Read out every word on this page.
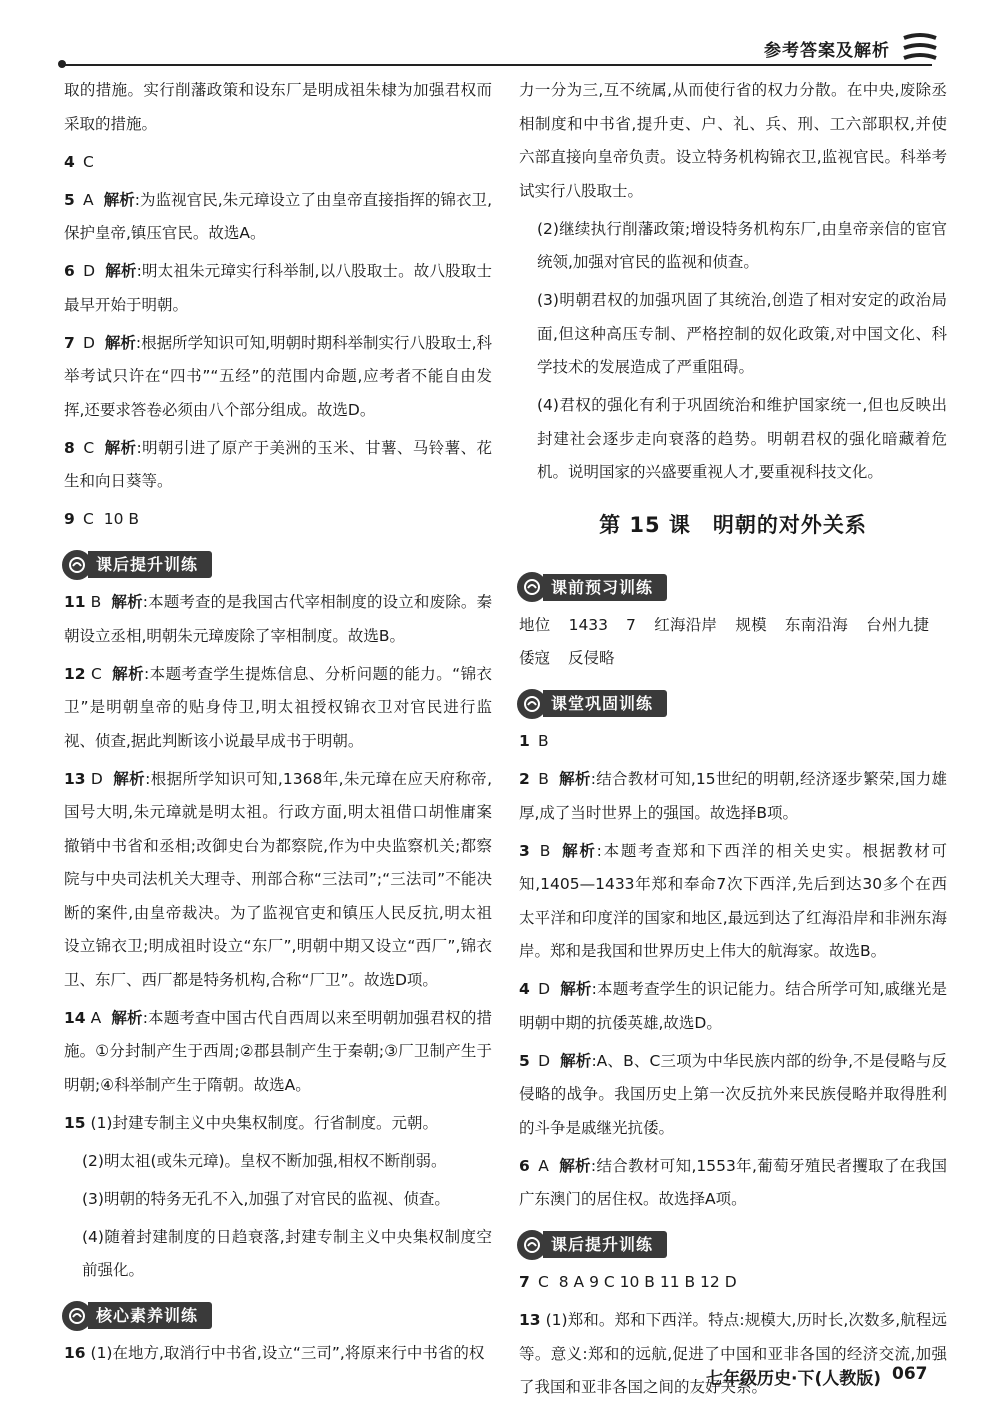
参考答案及解析
取的措施。实行削藩政策和设东厂是明成祖朱棣为加强君权而采取的措施。
4 C
5 A 解析:为监视官民,朱元璋设立了由皇帝直接指挥的锦衣卫,保护皇帝,镇压官民。故选A。
6 D 解析:明太祖朱元璋实行科举制,以八股取士。故八股取士最早开始于明朝。
7 D 解析:根据所学知识可知,明朝时期科举制实行八股取士,科举考试只许在“四书”“五经”的范围内命题,应考者不能自由发挥,还要求答卷必须由八个部分组成。故选D。
8 C 解析:明朝引进了原产于美洲的玉米、甘薯、马铃薯、花生和向日葵等。
9 C 10 B
课后提升训练
11 B 解析:本题考查的是我国古代宰相制度的设立和废除。秦朝设立丞相,明朝朱元璋废除了宰相制度。故选B。
12 C 解析:本题考查学生提炼信息、分析问题的能力。“锦衣卫”是明朝皇帝的贴身侍卫,明太祖授权锦衣卫对官民进行监视、侦查,据此判断该小说最早成书于明朝。
13 D 解析:根据所学知识可知,1368年,朱元璋在应天府称帝,国号大明,朱元璋就是明太祖。行政方面,明太祖借口胡惟庸案撤销中书省和丞相;改御史台为都察院,作为中央监察机关;都察院与中央司法机关大理寺、刑部合称“三法司”;“三法司”不能决断的案件,由皇帝裁决。为了监视官吏和镇压人民反抗,明太祖设立锦衣卫;明成祖时设立“东厂”,明朝中期又设立“西厂”,锦衣卫、东厂、西厂都是特务机构,合称“厂卫”。故选D项。
14 A 解析:本题考查中国古代自西周以来至明朝加强君权的措施。①分封制产生于西周;②郡县制产生于秦朝;③厂卫制产生于明朝;④科举制产生于隋朝。故选A。
15 (1)封建专制主义中央集权制度。行省制度。元朝。
(2)明太祖(或朱元璋)。皇权不断加强,相权不断削弱。
(3)明朝的特务无孔不入,加强了对官民的监视、侦查。
(4)随着封建制度的日趋衰落,封建专制主义中央集权制度空前强化。
核心素养训练
16 (1)在地方,取消行中书省,设立“三司”,将原来行中书省的权
力一分为三,互不统属,从而使行省的权力分散。在中央,废除丞相制度和中书省,提升吏、户、礼、兵、刑、工六部职权,并使六部直接向皇帝负责。设立特务机构锦衣卫,监视官民。科举考试实行八股取士。
(2)继续执行削藩政策;增设特务机构东厂,由皇帝亲信的宦官统领,加强对官民的监视和侦查。
(3)明朝君权的加强巩固了其统治,创造了相对安定的政治局面,但这种高压专制、严格控制的奴化政策,对中国文化、科学技术的发展造成了严重阻碍。
(4)君权的强化有利于巩固统治和维护国家统一,但也反映出封建社会逐步走向衰落的趋势。明朝君权的强化暗藏着危机。说明国家的兴盛要重视人才,要重视科技文化。
第 15 课 明朝的对外关系
课前预习训练
地位 1433 7 红海沿岸 规模 东南沿海 台州九捷倭寇 反侵略
课堂巩固训练
1 B
2 B 解析:结合教材可知,15世纪的明朝,经济逐步繁荣,国力雄厚,成了当时世界上的强国。故选择B项。
3 B 解析:本题考查郑和下西洋的相关史实。根据教材可知,1405—1433年郑和奉命7次下西洋,先后到达30多个在西太平洋和印度洋的国家和地区,最远到达了红海沿岸和非洲东海岸。郑和是我国和世界历史上伟大的航海家。故选B。
4 D 解析:本题考查学生的识记能力。结合所学可知,戚继光是明朝中期的抗倭英雄,故选D。
5 D 解析:A、B、C三项为中华民族内部的纷争,不是侵略与反侵略的战争。我国历史上第一次反抗外来民族侵略并取得胜利的斗争是戚继光抗倭。
6 A 解析:结合教材可知,1553年,葡萄牙殖民者攫取了在我国广东澳门的居住权。故选择A项。
课后提升训练
7 C 8 A 9 C 10 B 11 B 12 D
13 (1)郑和。郑和下西洋。特点:规模大,历时长,次数多,航程远等。意义:郑和的远航,促进了中国和亚非各国的经济交流,加强了我国和亚非各国之间的友好关系。
七年级历史·下(人教版) 067
